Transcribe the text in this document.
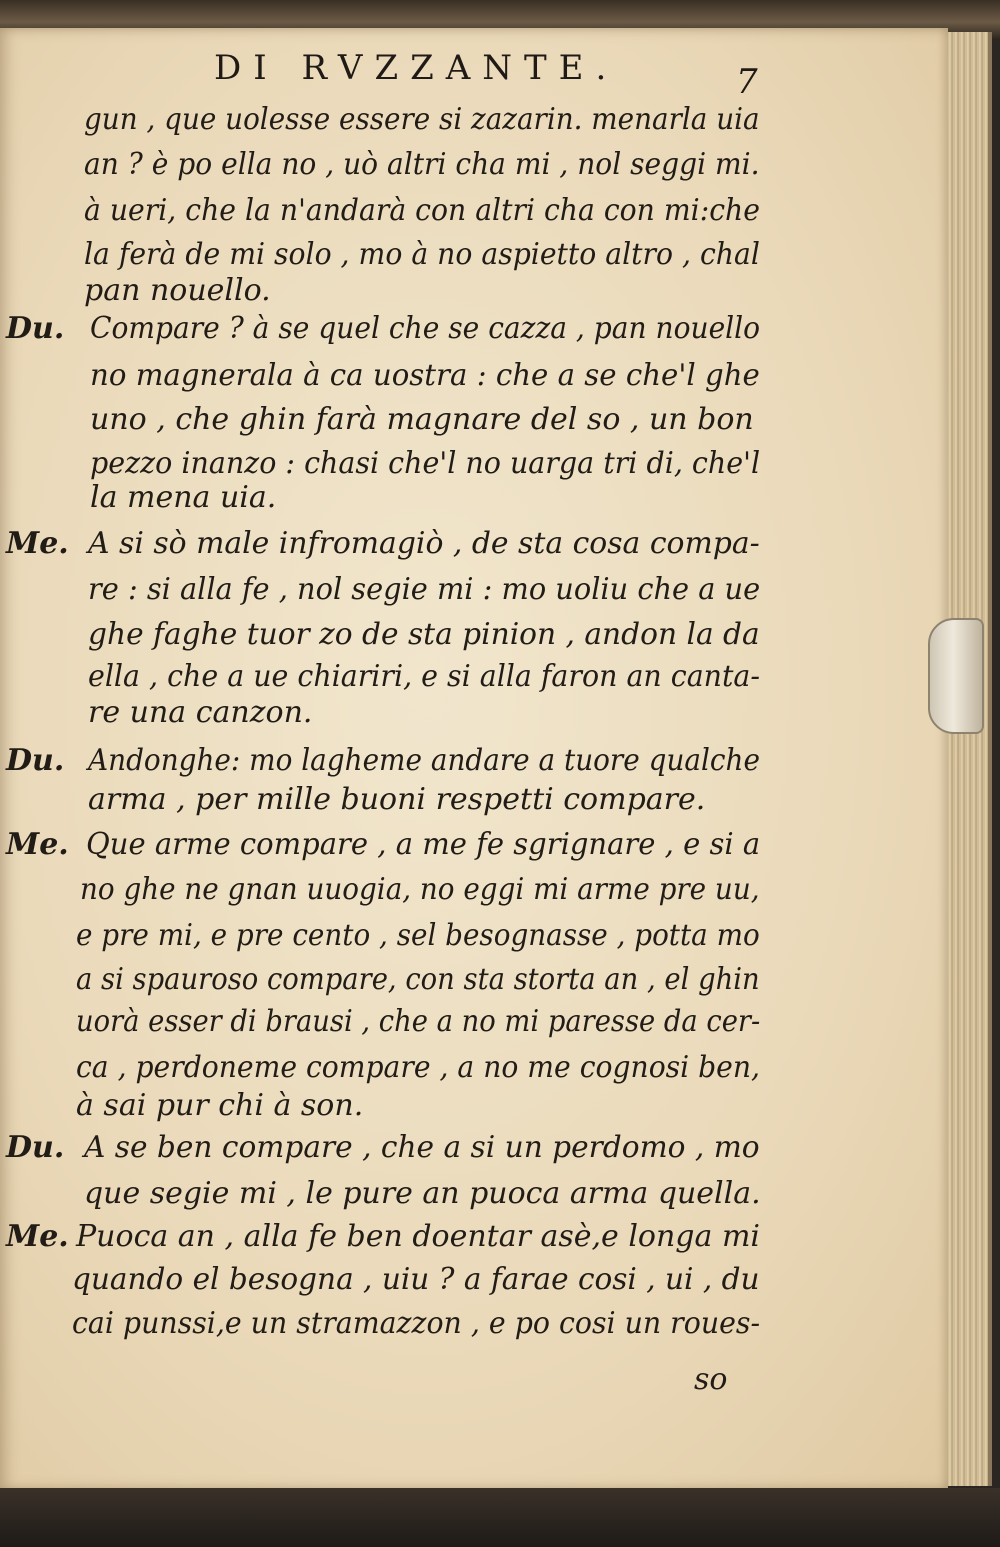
DI RVZZANTE.	7
gun , que uolesse essere si zazarin. menarla uia
an ? è po ella no , uò altri cha mi , nol seggi mi.
à ueri, che la n'andarà con altri cha con mi:che
la ferà de mi solo , mo à no aspietto altro , chal
pan nouello.
Du. Compare ? à se quel che se cazza , pan nouello
no magnerala à ca uostra : che a se che'l ghe
uno , che ghin farà magnare del so , un bon
pezzo inanzo : chasi che'l no uarga tri di, che'l
la mena uia.
Me. A si sò male infromagiò , de sta cosa compa-
re : si alla fe , nol segie mi : mo uoliu che a ue
ghe faghe tuor zo de sta pinion , andon la da
ella , che a ue chiariri, e si alla faron an canta-
re una canzon.
Du. Andonghe: mo lagheme andare a tuore qualche
arma , per mille buoni respetti compare.
Me. Que arme compare , a me fe sgrignare , e si a
no ghe ne gnan uuogia, no eggi mi arme pre uu,
e pre mi, e pre cento , sel besognasse , potta mo
a si spauroso compare, con sta storta an , el ghin
uorà esser di brausi , che a no mi paresse da cer-
ca , perdoneme compare , a no me cognosi ben,
à sai pur chi à son.
Du. A se ben compare , che a si un perdomo , mo
que segie mi , le pure an puoca arma quella.
Me. Puoca an , alla fe ben doentar asè,e longa mi
quando el besogna , uiu ? a farae cosi , ui , du
cai punssi,e un stramazzon , e po cosi un roues-
so
